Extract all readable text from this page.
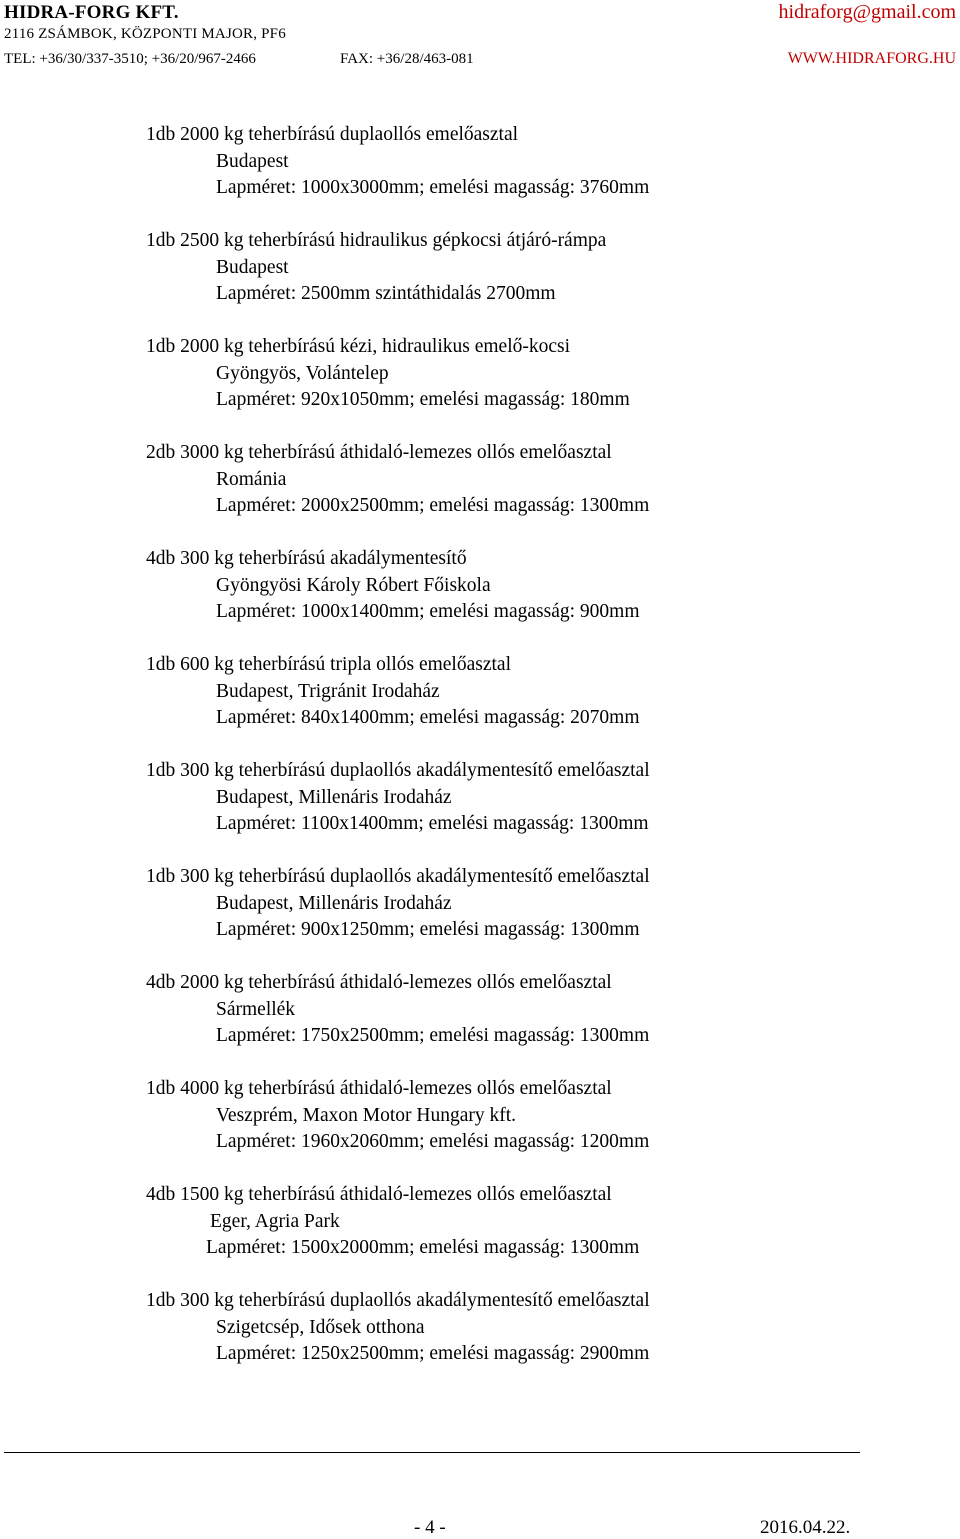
HIDRA-FORG KFT.
2116 ZSÁMBOK, KÖZPONTI MAJOR, PF6
TEL: +36/30/337-3510; +36/20/967-2466	FAX: +36/28/463-081
hidraforg@gmail.com
WWW.HIDRAFORG.HU
1db 2000 kg teherbírású duplaollós emelőasztal
Budapest
Lapméret: 1000x3000mm; emelési magasság: 3760mm
1db 2500 kg teherbírású hidraulikus gépkocsi átjáró-rámpa
Budapest
Lapméret: 2500mm szintáthidalás 2700mm
1db 2000 kg teherbírású kézi, hidraulikus emelő-kocsi
Gyöngyös, Volántelep
Lapméret: 920x1050mm; emelési magasság: 180mm
2db 3000 kg teherbírású áthidaló-lemezes ollós emelőasztal
Románia
Lapméret: 2000x2500mm; emelési magasság: 1300mm
4db 300 kg teherbírású akadálymentesítő
Gyöngyösi Károly Róbert Főiskola
Lapméret: 1000x1400mm; emelési magasság: 900mm
1db 600 kg teherbírású tripla ollós emelőasztal
Budapest, Trigránit Irodaház
Lapméret: 840x1400mm; emelési magasság: 2070mm
1db 300 kg teherbírású duplaollós akadálymentesítő emelőasztal
Budapest, Millenáris Irodaház
Lapméret: 1100x1400mm; emelési magasság: 1300mm
1db 300 kg teherbírású duplaollós akadálymentesítő emelőasztal
Budapest, Millenáris Irodaház
Lapméret: 900x1250mm; emelési magasság: 1300mm
4db 2000 kg teherbírású áthidaló-lemezes ollós emelőasztal
Sármellék
Lapméret: 1750x2500mm; emelési magasság: 1300mm
1db 4000 kg teherbírású áthidaló-lemezes ollós emelőasztal
Veszprém, Maxon Motor Hungary kft.
Lapméret: 1960x2060mm; emelési magasság: 1200mm
4db 1500 kg teherbírású áthidaló-lemezes ollós emelőasztal
Eger, Agria Park
Lapméret: 1500x2000mm; emelési magasság: 1300mm
1db 300 kg teherbírású duplaollós akadálymentesítő emelőasztal
Szigetcsép, Idősek otthona
Lapméret: 1250x2500mm; emelési magasság: 2900mm
- 4 -	2016.04.22.
